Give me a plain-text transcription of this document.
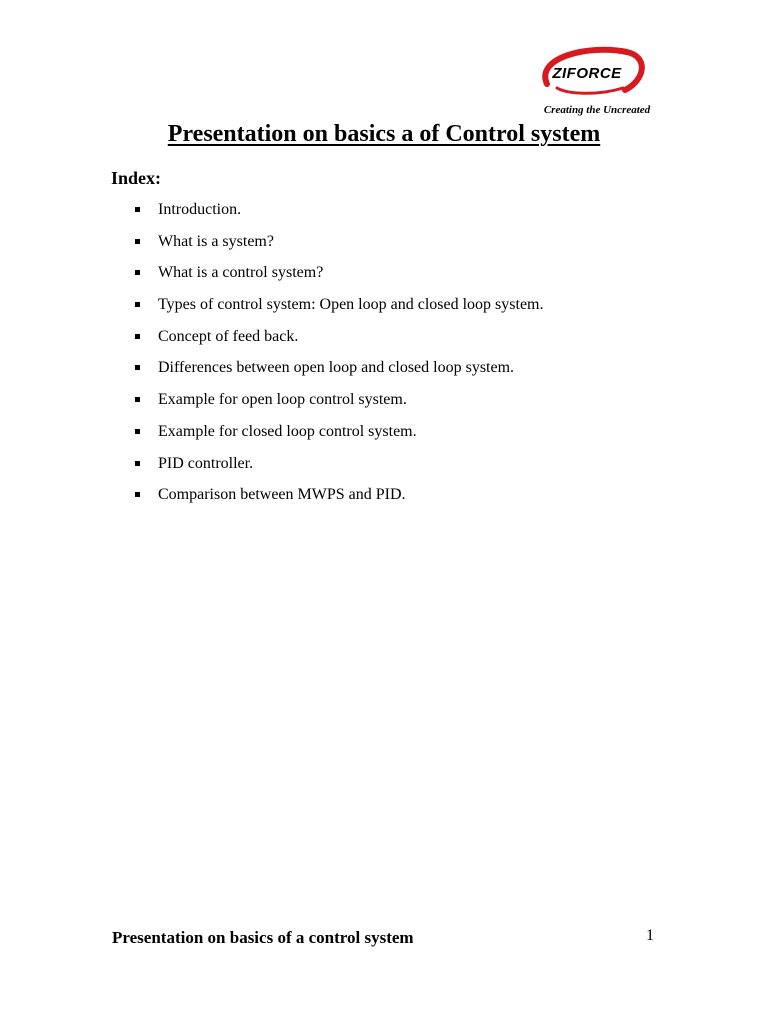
ZIFORCE
Creating the Uncreated
Presentation on basics a of Control system
Index:
Introduction.
What is a system?
What is a control system?
Types of control system: Open loop and closed loop system.
Concept of feed back.
Differences between open loop and closed loop system.
Example for open loop control system.
Example for closed loop control system.
PID controller.
Comparison between MWPS and PID.
Presentation on basics of a control system	1
